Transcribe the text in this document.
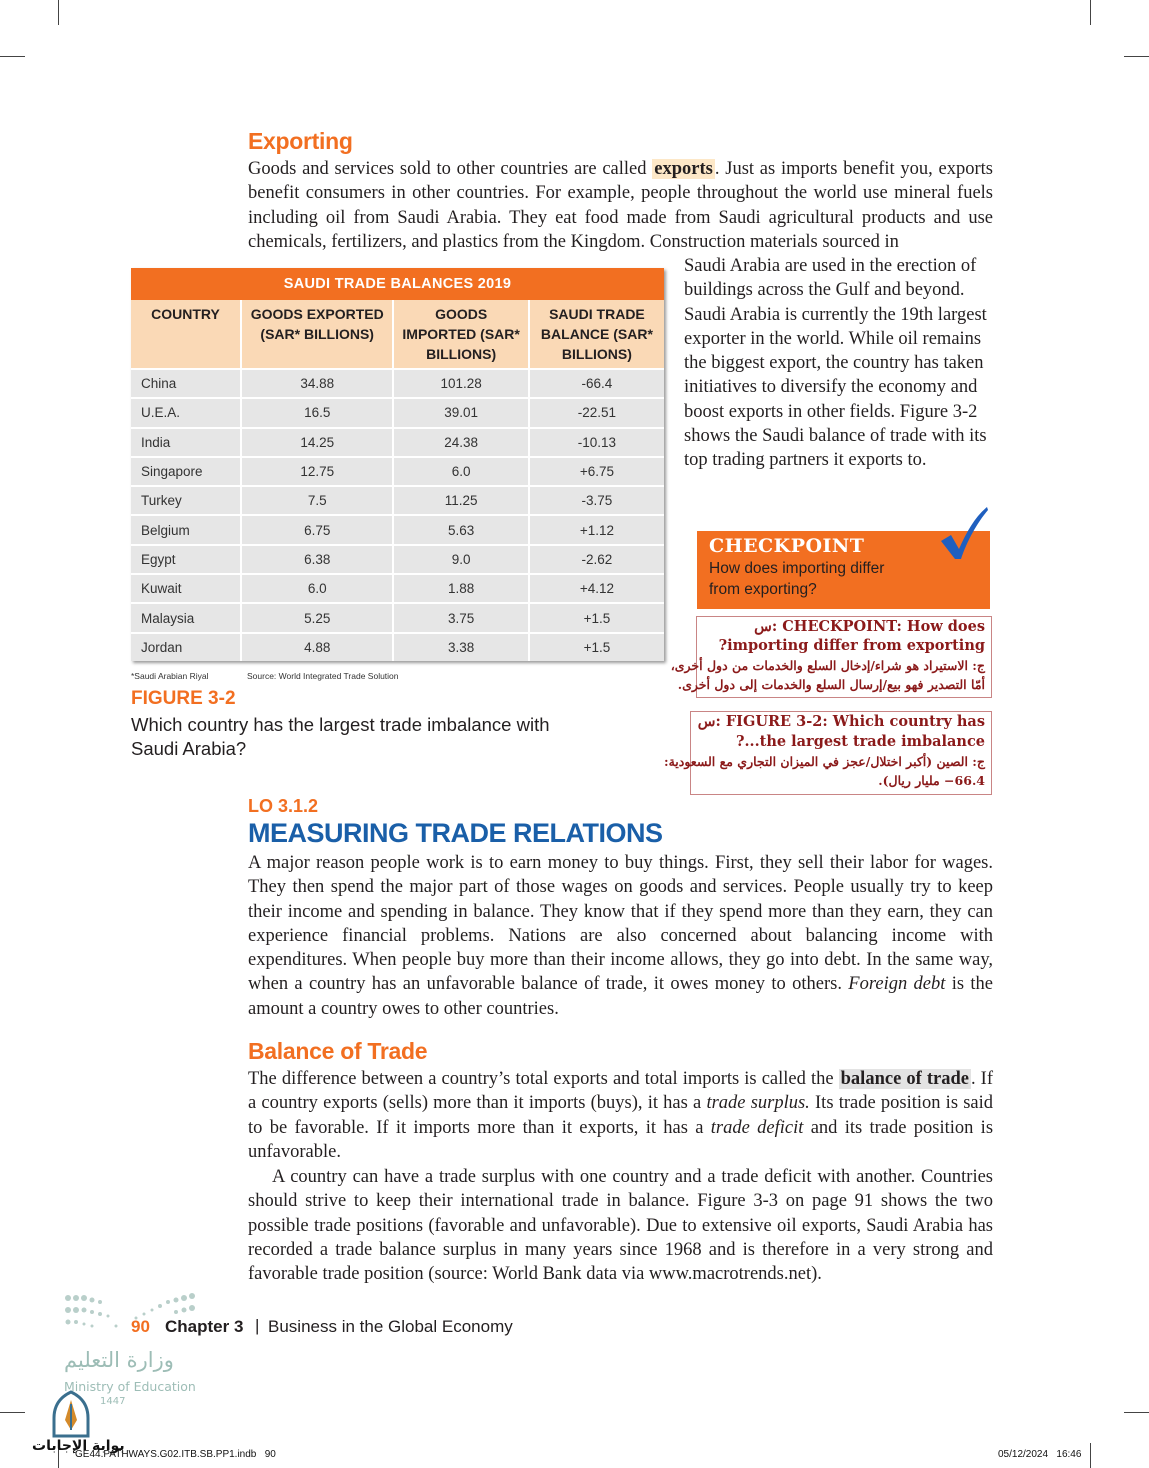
Exporting

Goods and services sold to other countries are called exports . Just as imports benefit you, exports benefit consumers in other countries. For example, people throughout the world use mineral fuels including oil from Saudi Arabia. They eat food made from Saudi agricultural products and use chemicals, fertilizers, and plastics from the Kingdom. Construction materials sourced in

Saudi Arabia are used in the erection of buildings across the Gulf and beyond. Saudi Arabia is currently the 19th largest exporter in the world. While oil remains the biggest export, the country has taken initiatives to diversify the economy and boost exports in other fields. Figure 3-2 shows the Saudi balance of trade with its top trading partners it exports to.

SAUDI TRADE BALANCES 2019
COUNTRY	GOODS EXPORTED (SAR* BILLIONS)	GOODS IMPORTED (SAR* BILLIONS)	SAUDI TRADE BALANCE (SAR* BILLIONS)
China	34.88	101.28	-66.4
U.E.A.	16.5	39.01	-22.51
India	14.25	24.38	-10.13
Singapore	12.75	6.0	+6.75
Turkey	7.5	11.25	-3.75
Belgium	6.75	5.63	+1.12
Egypt	6.38	9.0	-2.62
Kuwait	6.0	1.88	+4.12
Malaysia	5.25	3.75	+1.5
Jordan	4.88	3.38	+1.5
*Saudi Arabian Riyal	Source: World Integrated Trade Solution
FIGURE 3-2
Which country has the largest trade imbalance with
Saudi Arabia?
CHECKPOINT
How does importing differ
from exporting?
س: CHECKPOINT: How does
?importing differ from exporting
ج: الاستيراد هو شراء/إدخال السلع والخدمات من دول أخرى،
أمّا التصدير فهو بيع/إرسال السلع والخدمات إلى دول أخرى.
س: FIGURE 3-2: Which country has
?...the largest trade imbalance
ج: الصين (أكبر اختلال/عجز في الميزان التجاري مع السعودية:
66.4− مليار ريال).
LO 3.1.2
MEASURING TRADE RELATIONS

A major reason people work is to earn money to buy things. First, they sell their labor for wages. They then spend the major part of those wages on goods and services. People usually try to keep their income and spending in balance. They know that if they spend more than they earn, they can experience financial problems. Nations are also concerned about balancing income with expenditures. When people buy more than their income allows, they go into debt. In the same way, when a country has an unfavorable balance of trade, it owes money to others. Foreign debt is the amount a country owes to other countries.

Balance of Trade

The difference between a country’s total exports and total imports is called the balance of trade . If a country exports (sells) more than it imports (buys), it has a trade surplus. Its trade position is said to be favorable. If it imports more than it exports, it has a trade deficit and its trade position is unfavorable.

A country can have a trade surplus with one country and a trade deficit with another. Countries should strive to keep their international trade in balance. Figure 3-3 on page 91 shows the two possible trade positions (favorable and unfavorable). Due to extensive oil exports, Saudi Arabia has recorded a trade balance surplus in many years since 1968 and is therefore in a very strong and favorable trade position (source: World Bank data via www.macrotrends.net).

90 Chapter 3 | Business in the Global Economy
وزارة التعليم
Ministry of Education
1447
بوابة الإجابات
GE44.PATHWAYS.G02.ITB.SB.PP1.indb   90	05/12/2024   16:46
